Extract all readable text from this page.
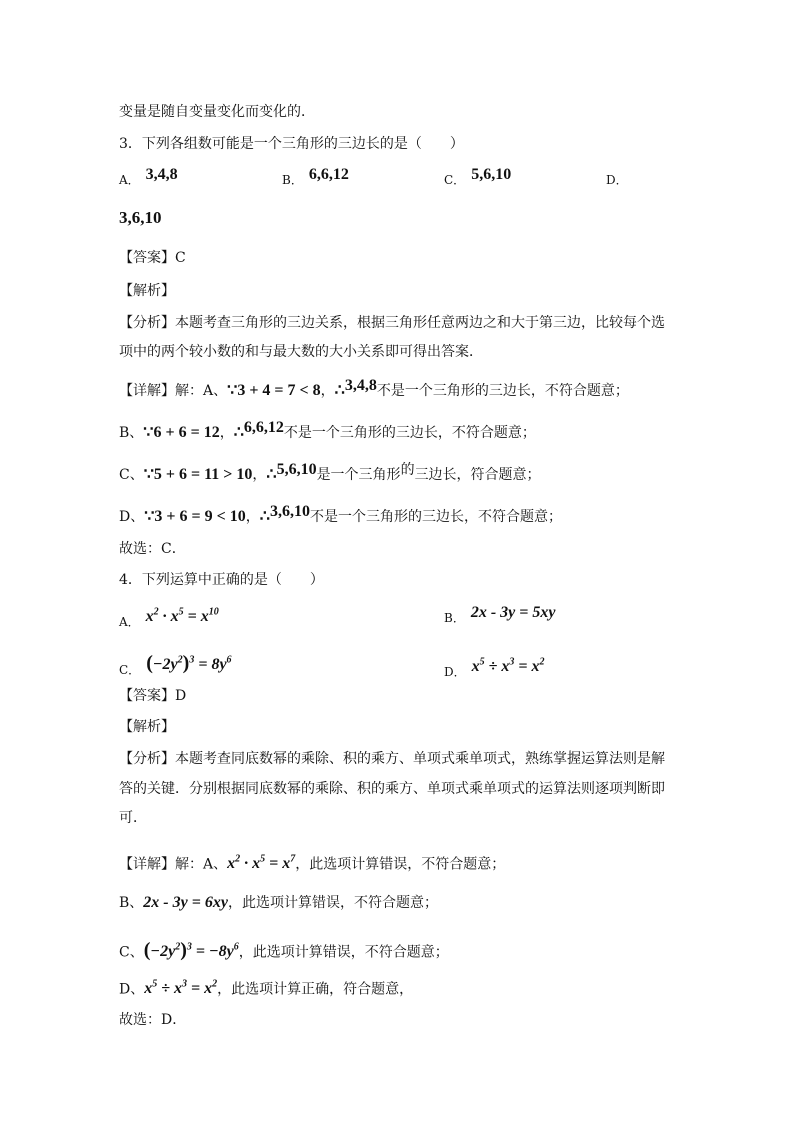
变量是随自变量变化而变化的．
3．下列各组数可能是一个三角形的三边长的是（　　）
A． 3,4,8	B． 6,6,12	C． 5,6,10	D．
3,6,10
【答案】C
【解析】
【分析】本题考查三角形的三边关系，根据三角形任意两边之和大于第三边，比较每个选
项中的两个较小数的和与最大数的大小关系即可得出答案．
【详解】解：A、∵3 + 4 = 7 < 8，∴3,4,8不是一个三角形的三边长，不符合题意；
B、∵6 + 6 = 12，∴6,6,12不是一个三角形的三边长，不符合题意；
C、∵5 + 6 = 11 > 10，∴5,6,10是一个三角形的三边长，符合题意；
D、∵3 + 6 = 9 < 10，∴3,6,10不是一个三角形的三边长，不符合题意；
故选：C．
4．下列运算中正确的是（　　）
A． $x^2 \cdot x^5 = x^{10}$	B． 2x - 3y = 5xy
C． $(-2y^2)^3 = 8y^6$
D． $x^5 \div x^3 = x^2$
【答案】D
【解析】
【分析】本题考查同底数幂的乘除、积的乘方、单项式乘单项式，熟练掌握运算法则是解
答的关键．分别根据同底数幂的乘除、积的乘方、单项式乘单项式的运算法则逐项判断即
可．
【详解】解：A、$x^2 \cdot x^5 = x^7$，此选项计算错误，不符合题意；
B、2x - 3y = 6xy，此选项计算错误，不符合题意；
C、$(-2y^2)^3 = -8y^6$，此选项计算错误，不符合题意；
D、$x^5 \div x^3 = x^2$，此选项计算正确，符合题意，
故选：D．
